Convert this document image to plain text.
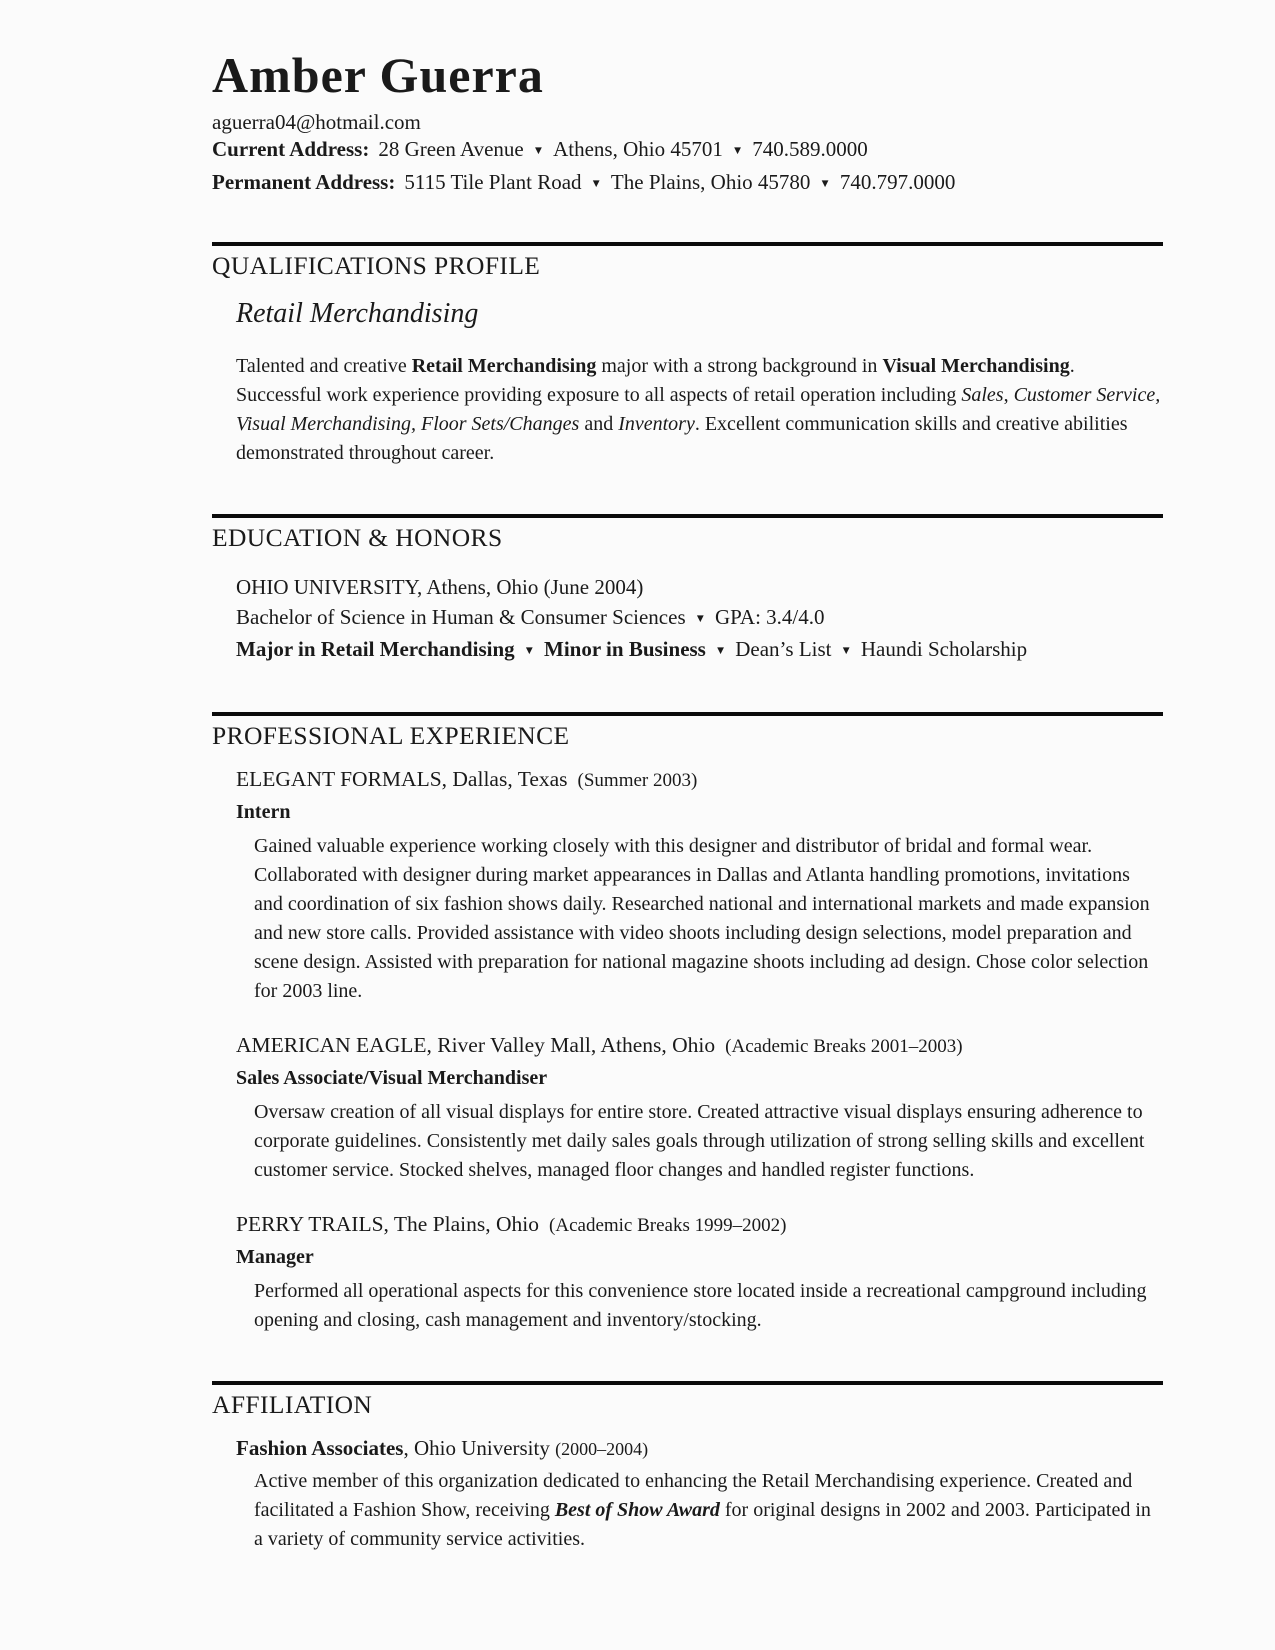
Amber Guerra
aguerra04@hotmail.com
Current Address: 28 Green Avenue ▼ Athens, Ohio 45701 ▼ 740.589.0000
Permanent Address: 5115 Tile Plant Road ▼ The Plains, Ohio 45780 ▼ 740.797.0000
QUALIFICATIONS PROFILE
Retail Merchandising

Talented and creative Retail Merchandising major with a strong background in Visual Merchandising. Successful work experience providing exposure to all aspects of retail operation including Sales, Customer Service, Visual Merchandising, Floor Sets/Changes and Inventory. Excellent communication skills and creative abilities demonstrated throughout career.

EDUCATION & HONORS
OHIO UNIVERSITY, Athens, Ohio (June 2004)
Bachelor of Science in Human & Consumer Sciences ▼ GPA: 3.4/4.0
Major in Retail Merchandising ▼ Minor in Business ▼ Dean’s List ▼ Haundi Scholarship
PROFESSIONAL EXPERIENCE
ELEGANT FORMALS, Dallas, Texas (Summer 2003)
Intern

Gained valuable experience working closely with this designer and distributor of bridal and formal wear. Collaborated with designer during market appearances in Dallas and Atlanta handling promotions, invitations and coordination of six fashion shows daily. Researched national and international markets and made expansion and new store calls. Provided assistance with video shoots including design selections, model preparation and scene design. Assisted with preparation for national magazine shoots including ad design. Chose color selection for 2003 line.

AMERICAN EAGLE, River Valley Mall, Athens, Ohio (Academic Breaks 2001–2003)
Sales Associate/Visual Merchandiser

Oversaw creation of all visual displays for entire store. Created attractive visual displays ensuring adherence to corporate guidelines. Consistently met daily sales goals through utilization of strong selling skills and excellent customer service. Stocked shelves, managed floor changes and handled register functions.

PERRY TRAILS, The Plains, Ohio (Academic Breaks 1999–2002)
Manager

Performed all operational aspects for this convenience store located inside a recreational campground including opening and closing, cash management and inventory/stocking.

AFFILIATION
Fashion Associates, Ohio University (2000–2004)

Active member of this organization dedicated to enhancing the Retail Merchandising experience. Created and facilitated a Fashion Show, receiving Best of Show Award for original designs in 2002 and 2003. Participated in a variety of community service activities.
